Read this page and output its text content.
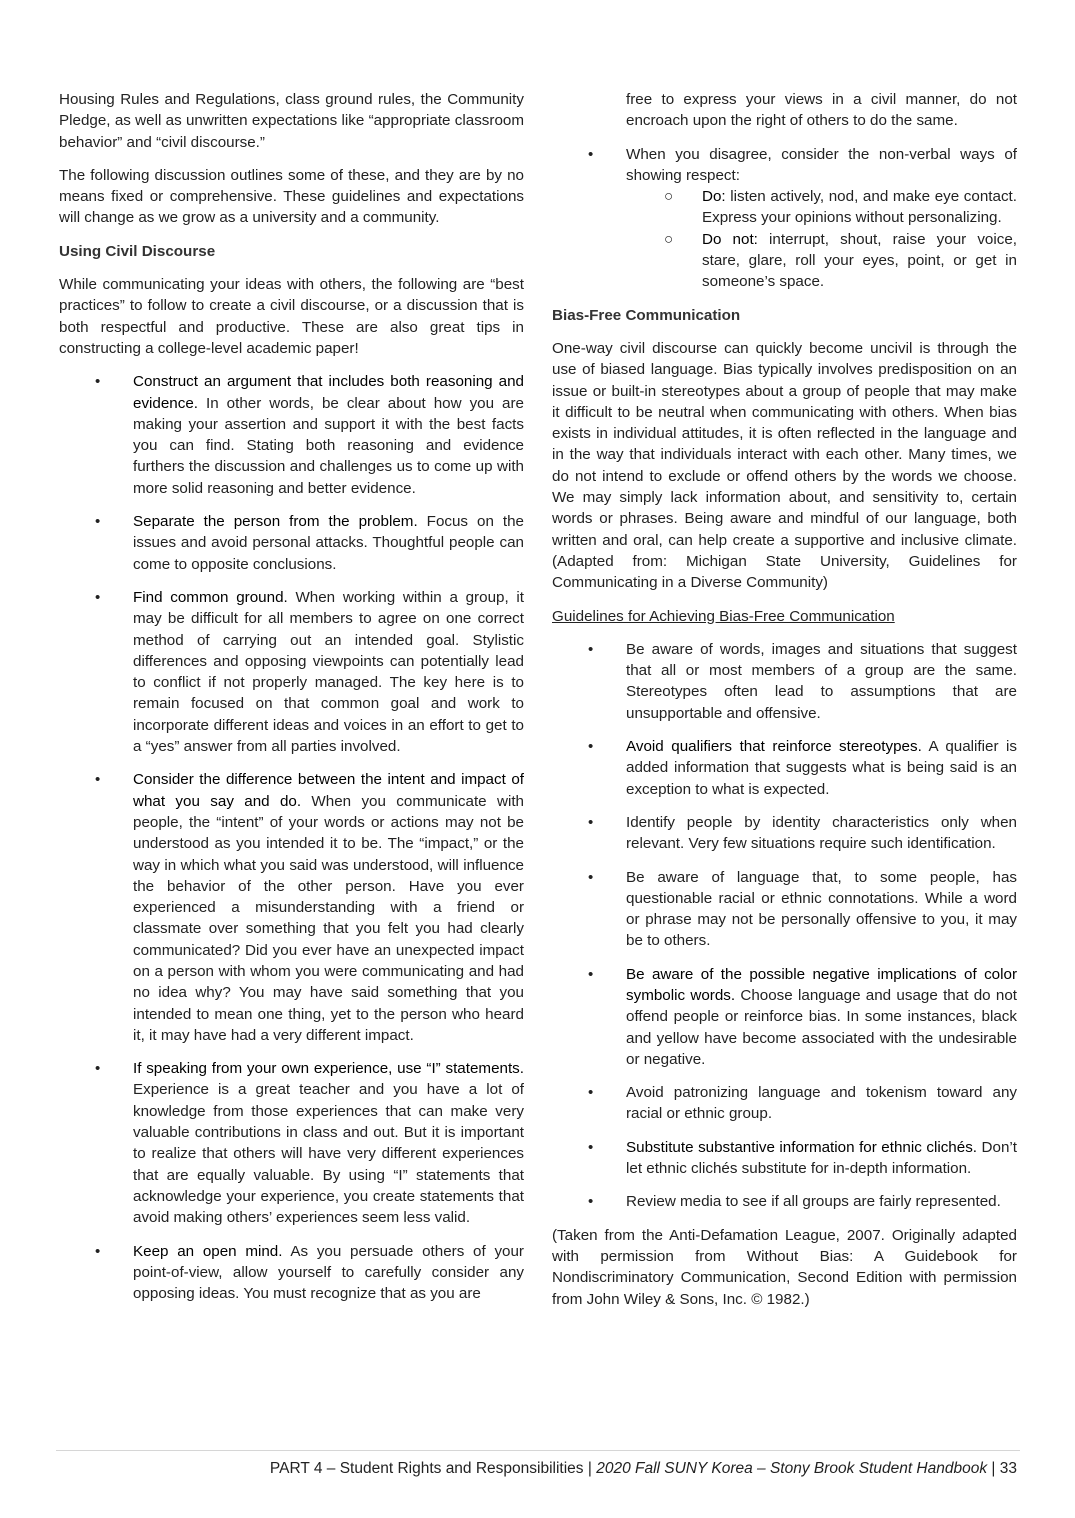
Housing Rules and Regulations, class ground rules, the Community Pledge, as well as unwritten expectations like “appropriate classroom behavior” and “civil discourse.”

The following discussion outlines some of these, and they are by no means fixed or comprehensive. These guidelines and expectations will change as we grow as a university and a community.

Using Civil Discourse

While communicating your ideas with others, the following are “best practices” to follow to create a civil discourse, or a discussion that is both respectful and productive. These are also great tips in constructing a college-level academic paper!

• Construct an argument that includes both reasoning and evidence. In other words, be clear about how you are making your assertion and support it with the best facts you can find. Stating both reasoning and evidence furthers the discussion and challenges us to come up with more solid reasoning and better evidence.
• Separate the person from the problem. Focus on the issues and avoid personal attacks. Thoughtful people can come to opposite conclusions.
• Find common ground. When working within a group, it may be difficult for all members to agree on one correct method of carrying out an intended goal. Stylistic differences and opposing viewpoints can potentially lead to conflict if not properly managed. The key here is to remain focused on that common goal and work to incorporate different ideas and voices in an effort to get to a “yes” answer from all parties involved.
• Consider the difference between the intent and impact of what you say and do. When you communicate with people, the “intent” of your words or actions may not be understood as you intended it to be. The “impact,” or the way in which what you said was understood, will influence the behavior of the other person. Have you ever experienced a misunderstanding with a friend or classmate over something that you felt you had clearly communicated? Did you ever have an unexpected impact on a person with whom you were communicating and had no idea why? You may have said something that you intended to mean one thing, yet to the person who heard it, it may have had a very different impact.
• If speaking from your own experience, use “I” statements. Experience is a great teacher and you have a lot of knowledge from those experiences that can make very valuable contributions in class and out. But it is important to realize that others will have very different experiences that are equally valuable. By using “I” statements that acknowledge your experience, you create statements that avoid making others’ experiences seem less valid.
• Keep an open mind. As you persuade others of your point-of-view, allow yourself to carefully consider any opposing ideas. You must recognize that as you are

free to express your views in a civil manner, do not encroach upon the right of others to do the same.

• When you disagree, consider the non-verbal ways of showing respect:
○ Do: listen actively, nod, and make eye contact. Express your opinions without personalizing.
○ Do not: interrupt, shout, raise your voice, stare, glare, roll your eyes, point, or get in someone’s space.
Bias-Free Communication

One-way civil discourse can quickly become uncivil is through the use of biased language. Bias typically involves predisposition on an issue or built-in stereotypes about a group of people that may make it difficult to be neutral when communicating with others. When bias exists in individual attitudes, it is often reflected in the language and in the way that individuals interact with each other. Many times, we do not intend to exclude or offend others by the words we choose. We may simply lack information about, and sensitivity to, certain words or phrases. Being aware and mindful of our language, both written and oral, can help create a supportive and inclusive climate. (Adapted from: Michigan State University, Guidelines for Communicating in a Diverse Community)

Guidelines for Achieving Bias-Free Communication
• Be aware of words, images and situations that suggest that all or most members of a group are the same. Stereotypes often lead to assumptions that are unsupportable and offensive.
• Avoid qualifiers that reinforce stereotypes. A qualifier is added information that suggests what is being said is an exception to what is expected.
• Identify people by identity characteristics only when relevant. Very few situations require such identification.
• Be aware of language that, to some people, has questionable racial or ethnic connotations. While a word or phrase may not be personally offensive to you, it may be to others.
• Be aware of the possible negative implications of color symbolic words. Choose language and usage that do not offend people or reinforce bias. In some instances, black and yellow have become associated with the undesirable or negative.
• Avoid patronizing language and tokenism toward any racial or ethnic group.
• Substitute substantive information for ethnic clichés. Don’t let ethnic clichés substitute for in-depth information.
• Review media to see if all groups are fairly represented.

(Taken from the Anti-Defamation League, 2007. Originally adapted with permission from Without Bias: A Guidebook for Nondiscriminatory Communication, Second Edition with permission from John Wiley & Sons, Inc. © 1982.)

PART 4 – Student Rights and Responsibilities | 2020 Fall SUNY Korea – Stony Brook Student Handbook | 33
